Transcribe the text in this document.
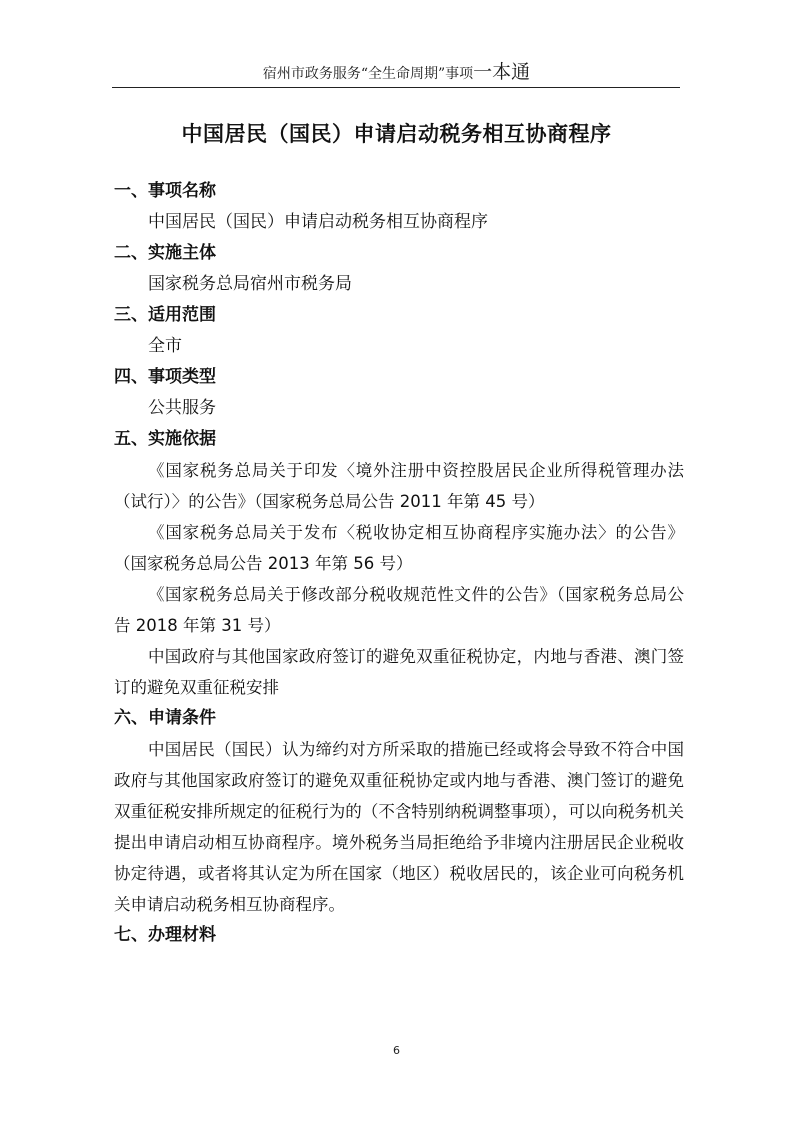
宿州市政务服务“全生命周期”事项一本通
中国居民（国民）申请启动税务相互协商程序

一、事项名称

中国居民（国民）申请启动税务相互协商程序

二、实施主体

国家税务总局宿州市税务局

三、适用范围

全市

四、事项类型

公共服务

五、实施依据

《国家税务总局关于印发〈境外注册中资控股居民企业所得税管理办法（试行）〉的公告》（国家税务总局公告 2011 年第 45 号）

《国家税务总局关于发布〈税收协定相互协商程序实施办法〉的公告》（国家税务总局公告 2013 年第 56 号）

《国家税务总局关于修改部分税收规范性文件的公告》（国家税务总局公告 2018 年第 31 号）

中国政府与其他国家政府签订的避免双重征税协定，内地与香港、澳门签订的避免双重征税安排

六、申请条件

中国居民（国民）认为缔约对方所采取的措施已经或将会导致不符合中国政府与其他国家政府签订的避免双重征税协定或内地与香港、澳门签订的避免双重征税安排所规定的征税行为的（不含特别纳税调整事项），可以向税务机关提出申请启动相互协商程序。境外税务当局拒绝给予非境内注册居民企业税收协定待遇，或者将其认定为所在国家（地区）税收居民的，该企业可向税务机关申请启动税务相互协商程序。

七、办理材料

6
